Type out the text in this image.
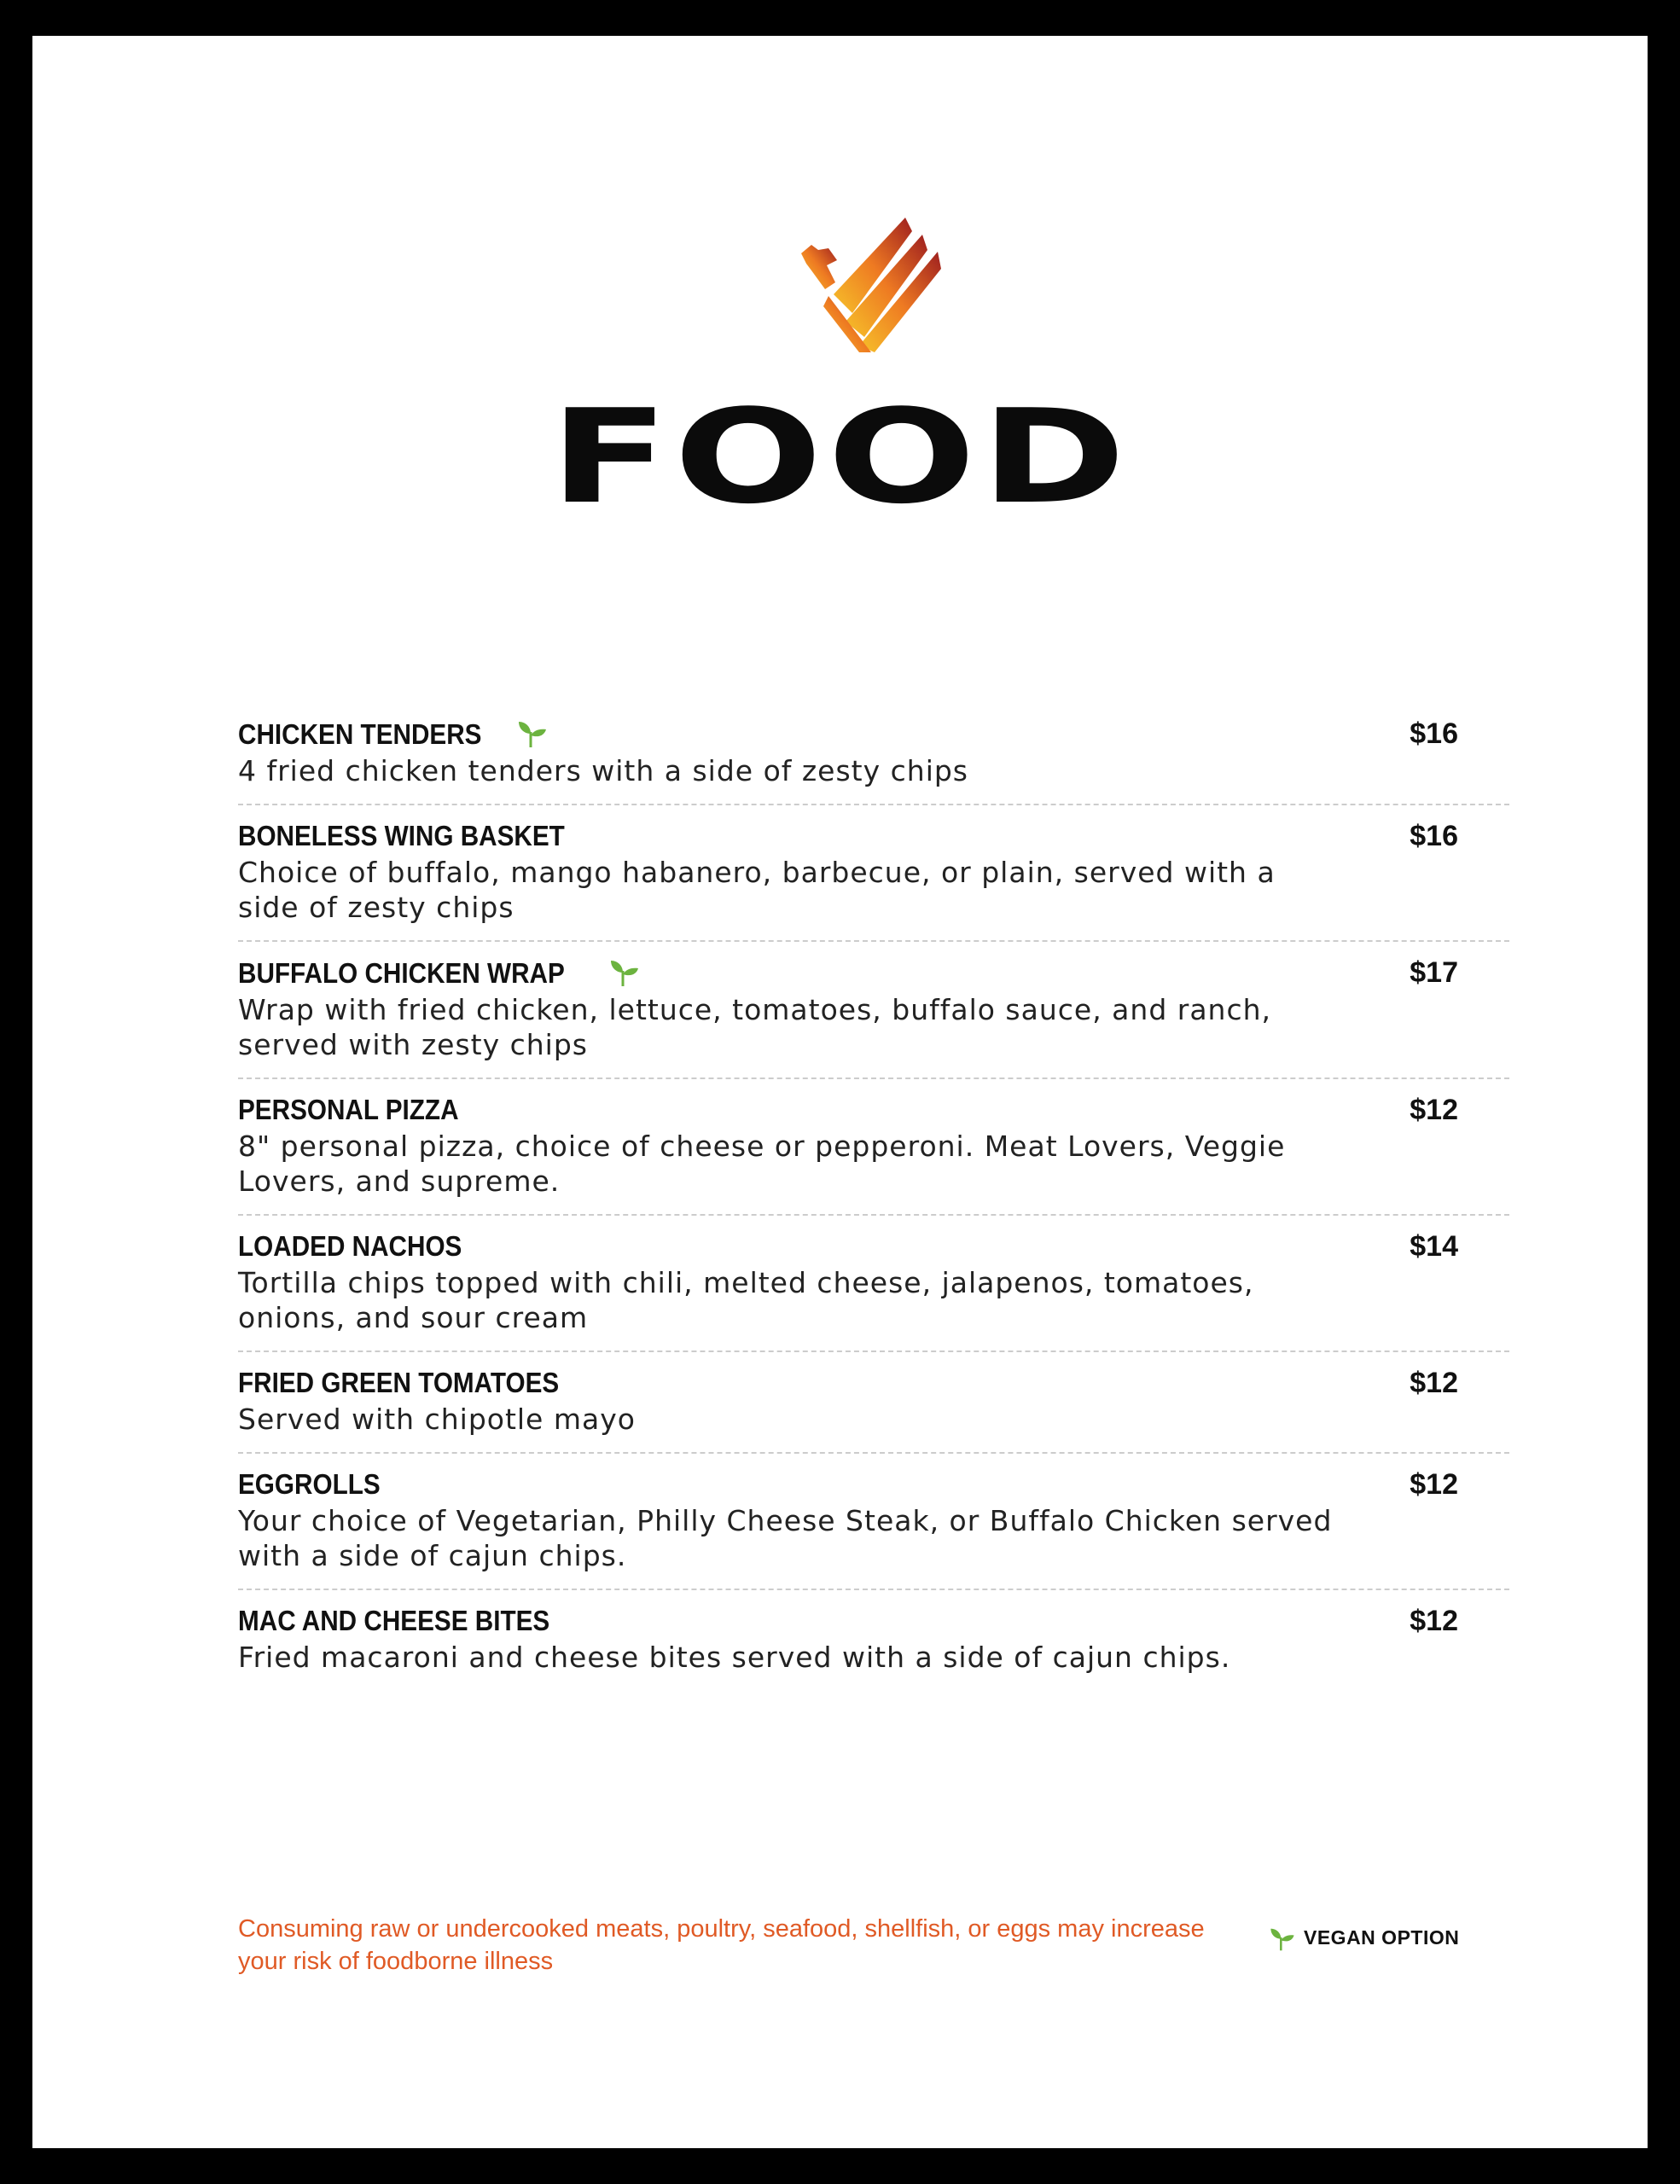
FOOD
CHICKEN TENDERS
4 fried chicken tenders with a side of zesty chips
$16
BONELESS WING BASKET
Choice of buffalo, mango habanero, barbecue, or plain, served with a side of zesty chips
$16
BUFFALO CHICKEN WRAP
Wrap with fried chicken, lettuce, tomatoes, buffalo sauce, and ranch, served with zesty chips
$17
PERSONAL PIZZA
8" personal pizza, choice of cheese or pepperoni. Meat Lovers, Veggie Lovers, and supreme.
$12
LOADED NACHOS
Tortilla chips topped with chili, melted cheese, jalapenos, tomatoes, onions, and sour cream
$14
FRIED GREEN TOMATOES
Served with chipotle mayo
$12
EGGROLLS
Your choice of Vegetarian, Philly Cheese Steak, or Buffalo Chicken served with a side of cajun chips.
$12
MAC AND CHEESE BITES
Fried macaroni and cheese bites served with a side of cajun chips.
$12
Consuming raw or undercooked meats, poultry, seafood, shellfish, or eggs may increase your risk of foodborne illness
VEGAN OPTION
